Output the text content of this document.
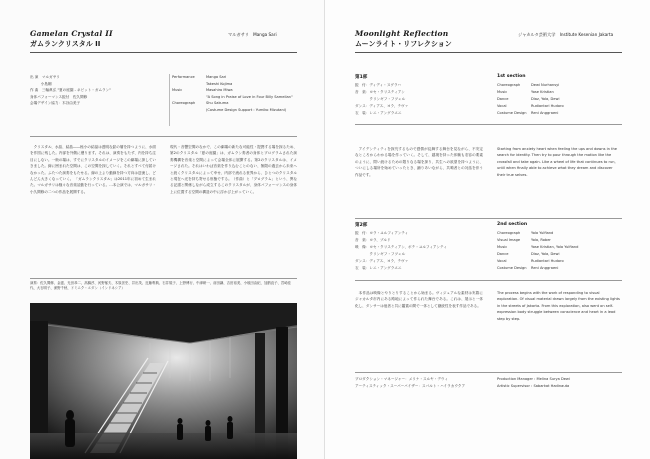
Gamelan Crystal II
ガムランクリスタル II
マルガサリ　Manga Sari
出 演　マルガサリ
　　　小島剛
作 曲　三輪眞弘 "夏の庭園 - ネビット・ガムラン"
身体パフォーマンス振付　佐久間修
会場デザイン協力：木谷由美子
Performance	Manga Sari
Takeshi Kojima
Music	Masahiro Miwa
"A Song in Praise of Love in Four Billy Sameilan"
Choreograph	Shu Sakuma
(Costume Design Support : Yumiko Mizutani)
　クリスタル、水晶、結晶――極小の結晶は透明な鉱の層を持つように、水面を作図に残した。内部を外側に遡ります。それは、演奏をもたず、内を持ち注目にしない。一般の場は、すでにクリスタルのイメージをこの劇場に探していきました。線に囲まれた空間は、この空間を探していく。それとすべて付届けなかった。ふたつた演奏をもたせる。線の上より動線を持つ方向は逆流し、どんどん大きくなっていく。 「ガムランクリスタル」は2011年に初めて生まれた。マルガサリは様々な音楽活動を行っている。…本公演では、マルガサリ・小久間修の二つの作品を展開する。
現代・音響空間のなかで、この劇場の新たな可能性・提携する場を探るため、第2のクリスタル「夏の庭園」は、ガムラン奏者の身体とプログラムされた演奏機構を音楽と空間によって会場全体に展開する。第2のクリスタルは、イメージされた。それはいわば音楽を作り込むことのない、無限の過去から未来へと続くクリスタルによって幸せ、内部で流れる世界から、ひとつのクリスタルと現在へ光を持ち寄せる形態でする。（作曲）と「プログラム」という、異なる記譜と関係しながら成立するこのクリスタルが、身体パフォーマンスの身体上に位置する空間の構造の中に浮かび上がっていく。
演奏：佐久間修、金滋、光田恭二、高橋淳、河野郁夫、木原崇史、井出茂、近藤利典、石井規子、上野博行、中津研一、前田謙、吉田裕美、小坂田由紀、加納直子、宮崎佳代、大石明子、深野千秋、ドミニク・エダン（インドネシア）
Moonlight Reflection
ムーンライト・リフレクション
ジャカルタ芸術大学　Institute Kesenian Jakarta
第1部	1st section
振　付：ディディ・ヌグラハ
音　楽：ヨセ・クリスティアン
　　　　クリンギフ・フツェル
ダンス：ディアス、ヨラ、テヴァ
衣　装：レニ・アングラエニ
Choreograph	Dewi Nurhansyi
Music	Yose Kristian
Dance	Diaz, Yola, Dewi
Vocal	Rudiantari Hudoro
Costume Design	Reni Anggraeni
　アイデンティティを探究するもので感情が乱舞する舞台を見ながら、不安定なところからわかる場を作っていく。そして、越境を持った体験も変容の要素のように、問い続けるための限りなる場を探り、共生への欲望を持つように、ついにしる場所を始めていったとき、踊りあいながら、共鳴者との対話を伴う作品です。
Starting from anxiety heart when feeling the ups and downs in the search for identity. Then try to pour through the motion like the crossfall and take again. Like a wheel of life that continues to run, until when finally able to achieve what they dream and discover their true selves.
第2部	2nd section
振　付：ヨラ・ユルフィアンティ
音　楽：ヨラ、ブルド
映　像：ヨセ・クリスティアン、ポテ・ユルフィアンティ
　　　　クリンギフ・フツェル
ダンス：ディアス、ヨラ、テヴァ
衣　装：レニ・アングラエニ
Choreograph	Yola Yulfiand
Visual Image	Yola, Rober
Music	Yose Kristian, Yola Yulfiand
Dance	Diaz, Yola, Dewi
Vocal	Rudiantari Hudoro
Costume Design	Reni Anggraeni
　本作品は映像とやりとりすることから始まる。ヴィジュアルな素材は実際にジャカルタ市内にある路地によって作られた舞台である。これは、展示と一体化し、ダンサーは他者と共に鑑賞の間で一体として継続性を表す作品である。
The process begins with the work of responding to visual exploration. Of visual material drawn largely from the existing lights in the streets of Jakarta. From this exploration, also went on self-expression body struggle between conscience and heart in a lead step by step.
プロダクション・マネージャー：メリナ・スルヤ・デウィ
アーティスティック・スーパーバイザー：スバルト・ハイラカウクア
Production Manager : Melina Surya Dewi
Artistic Supervisor : Sabarkat Hadinauta
